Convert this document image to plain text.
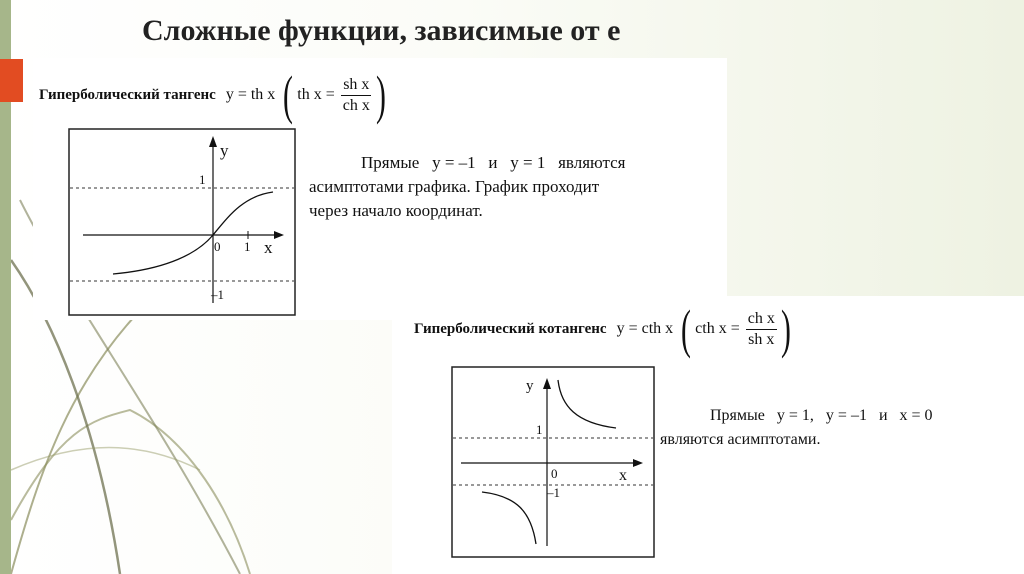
Сложные функции, зависимые от е
Гиперболический тангенс y = th x ( th $x = \frac{\text{sh x}}{\text{ch x}}$ )
y
x
1
–1
0 1
Прямые   y = –1   и   y = 1   являются
асимптотами графика. График проходит
через начало координат.
Гиперболический котангенс y = cth x ( cth $x = \frac{\text{ch x}}{\text{sh x}}$ )
y
x
1
–1
0
Прямые   y = 1,   y = –1   и   x = 0
являются асимптотами.
